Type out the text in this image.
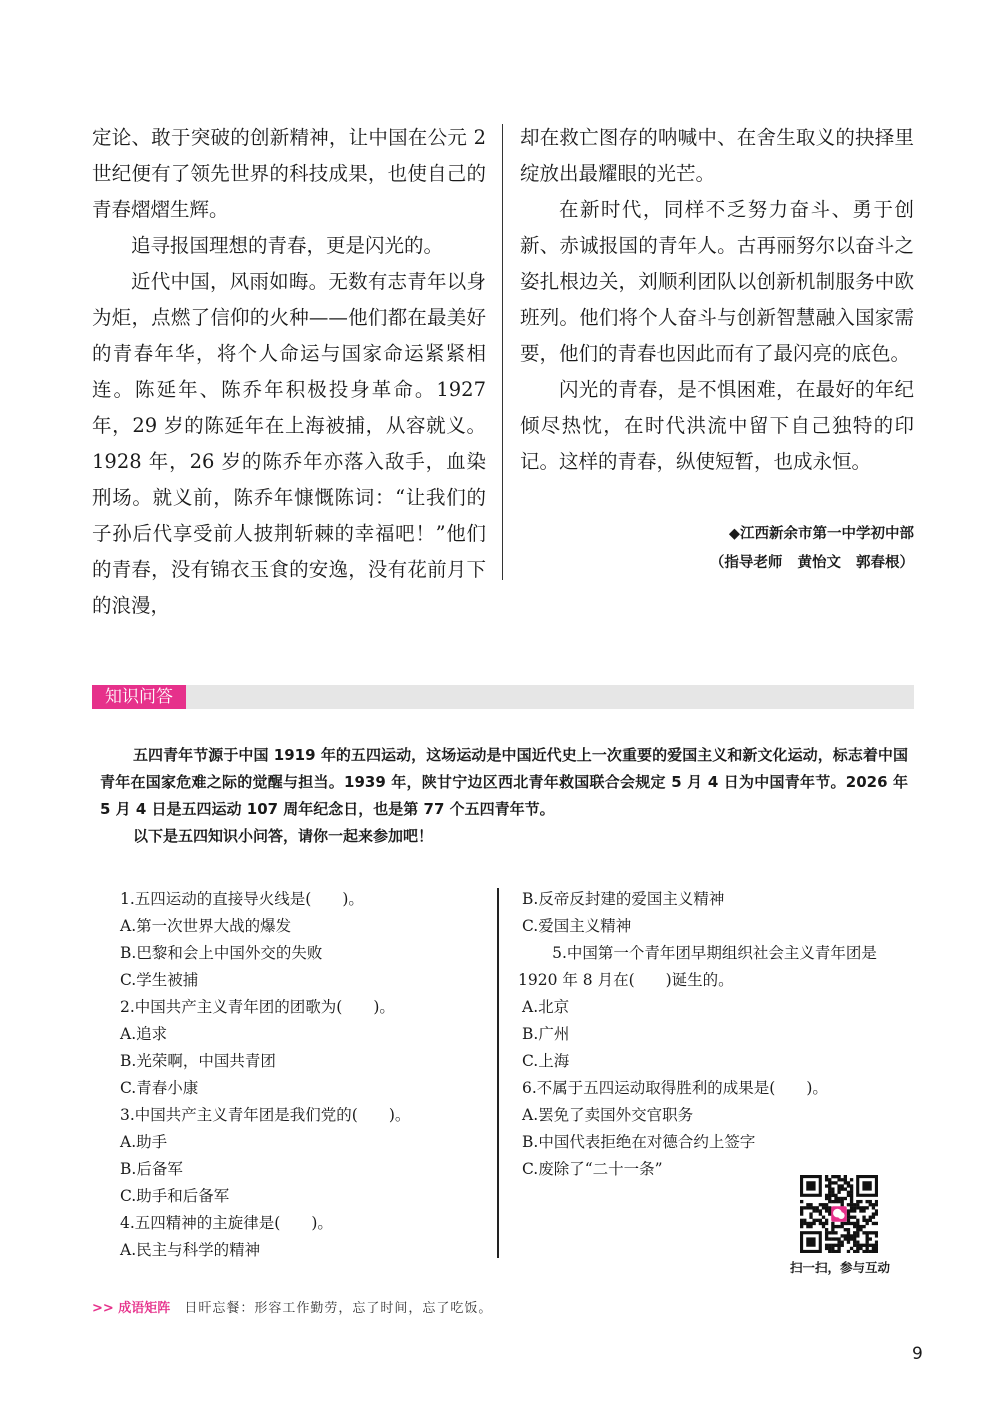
定论、敢于突破的创新精神，让中国在公元 2 世纪便有了领先世界的科技成果，也使自己的青春熠熠生辉。

追寻报国理想的青春，更是闪光的。

近代中国，风雨如晦。无数有志青年以身为炬，点燃了信仰的火种——他们都在最美好的青春年华，将个人命运与国家命运紧紧相连。陈延年、陈乔年积极投身革命。1927 年，29 岁的陈延年在上海被捕，从容就义。1928 年，26 岁的陈乔年亦落入敌手，血染刑场。就义前，陈乔年慷慨陈词：“让我们的子孙后代享受前人披荆斩棘的幸福吧！”他们的青春，没有锦衣玉食的安逸，没有花前月下的浪漫，

却在救亡图存的呐喊中、在舍生取义的抉择里绽放出最耀眼的光芒。

在新时代，同样不乏努力奋斗、勇于创新、赤诚报国的青年人。古再丽努尔以奋斗之姿扎根边关，刘顺利团队以创新机制服务中欧班列。他们将个人奋斗与创新智慧融入国家需要，他们的青春也因此而有了最闪亮的底色。

闪光的青春，是不惧困难，在最好的年纪倾尽热忱，在时代洪流中留下自己独特的印记。这样的青春，纵使短暂，也成永恒。

◆江西新余市第一中学初中部
（指导老师 黄怡文 郭春根）
知识问答

五四青年节源于中国 1919 年的五四运动，这场运动是中国近代史上一次重要的爱国主义和新文化运动，标志着中国青年在国家危难之际的觉醒与担当。1939 年，陕甘宁边区西北青年救国联合会规定 5 月 4 日为中国青年节。2026 年 5 月 4 日是五四运动 107 周年纪念日，也是第 77 个五四青年节。

以下是五四知识小问答，请你一起来参加吧！

1.五四运动的直接导火线是(　　)。

A.第一次世界大战的爆发

B.巴黎和会上中国外交的失败

C.学生被捕

2.中国共产主义青年团的团歌为(　　)。

A.追求

B.光荣啊，中国共青团

C.青春小康

3.中国共产主义青年团是我们党的(　　)。

A.助手

B.后备军

C.助手和后备军

4.五四精神的主旋律是(　　)。

A.民主与科学的精神

B.反帝反封建的爱国主义精神

C.爱国主义精神

5.中国第一个青年团早期组织社会主义青年团是 1920 年 8 月在(　　)诞生的。

A.北京

B.广州

C.上海

6.不属于五四运动取得胜利的成果是(　　)。

A.罢免了卖国外交官职务

B.中国代表拒绝在对德合约上签字

C.废除了“二十一条”

扫一扫，参与互动
>> 成语矩阵 日旰忘餐：形容工作勤劳，忘了时间，忘了吃饭。
9
